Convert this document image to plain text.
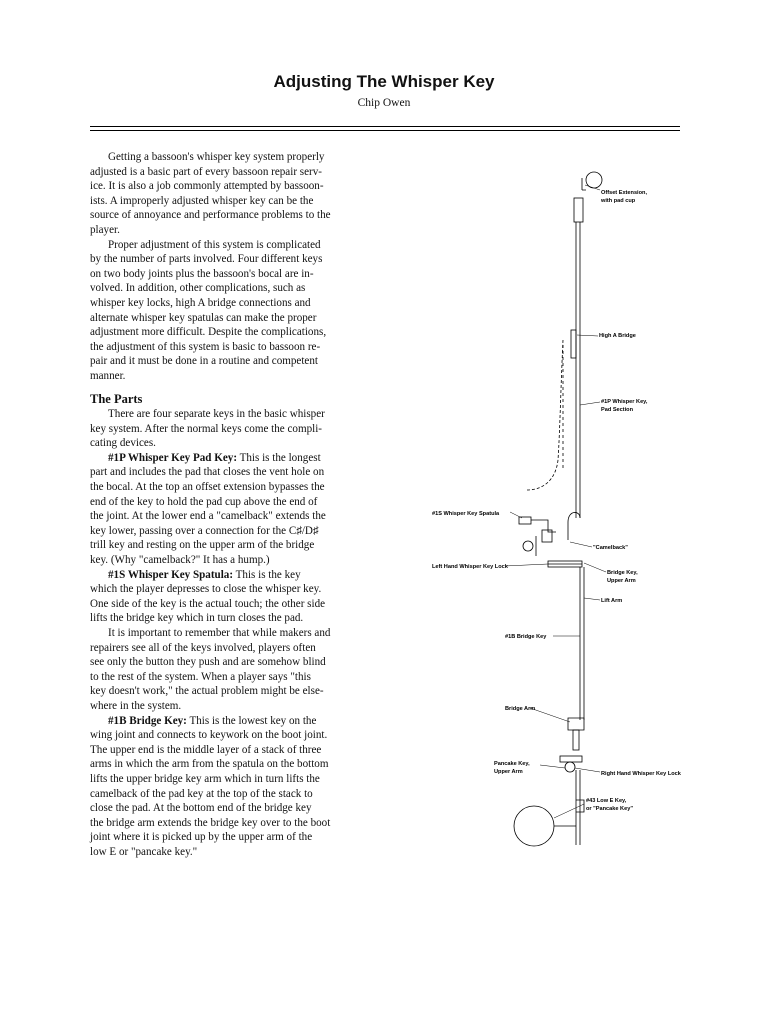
Adjusting The Whisper Key
Chip Owen

Getting a bassoon's whisper key system properly
adjusted is a basic part of every bassoon repair serv-
ice. It is also a job commonly attempted by bassoon-
ists. A improperly adjusted whisper key can be the
source of annoyance and performance problems to the
player.

Proper adjustment of this system is complicated
by the number of parts involved. Four different keys
on two body joints plus the bassoon's bocal are in-
volved. In addition, other complications, such as
whisper key locks, high A bridge connections and
alternate whisper key spatulas can make the proper
adjustment more difficult. Despite the complications,
the adjustment of this system is basic to bassoon re-
pair and it must be done in a routine and competent
manner.

The Parts

There are four separate keys in the basic whisper
key system. After the normal keys come the compli-
cating devices.

#1P Whisper Key Pad Key: This is the longest
part and includes the pad that closes the vent hole on
the bocal. At the top an offset extension bypasses the
end of the key to hold the pad cup above the end of
the joint. At the lower end a "camelback" extends the
key lower, passing over a connection for the C♯/D♯
trill key and resting on the upper arm of the bridge
key. (Why "camelback?" It has a hump.)

#1S Whisper Key Spatula: This is the key
which the player depresses to close the whisper key.
One side of the key is the actual touch; the other side
lifts the bridge key which in turn closes the pad.

It is important to remember that while makers and
repairers see all of the keys involved, players often
see only the button they push and are somehow blind
to the rest of the system. When a player says "this
key doesn't work," the actual problem might be else-
where in the system.

#1B Bridge Key: This is the lowest key on the
wing joint and connects to keywork on the boot joint.
The upper end is the middle layer of a stack of three
arms in which the arm from the spatula on the bottom
lifts the upper bridge key arm which in turn lifts the
camelback of the pad key at the top of the stack to
close the pad. At the bottom end of the bridge key
the bridge arm extends the bridge key over to the boot
joint where it is picked up by the upper arm of the
low E or "pancake key."

Offset Extension,
with pad cup
High A Bridge
#1P Whisper Key,
Pad Section
#1S Whisper Key Spatula
"Camelback"
Left Hand Whisper Key Lock
Bridge Key,
Upper Arm
Lift Arm
#1B Bridge Key
Bridge Arm
Pancake Key,
Upper Arm	Right Hand Whisper Key Lock
#43 Low E Key,
or "Pancake Key"
